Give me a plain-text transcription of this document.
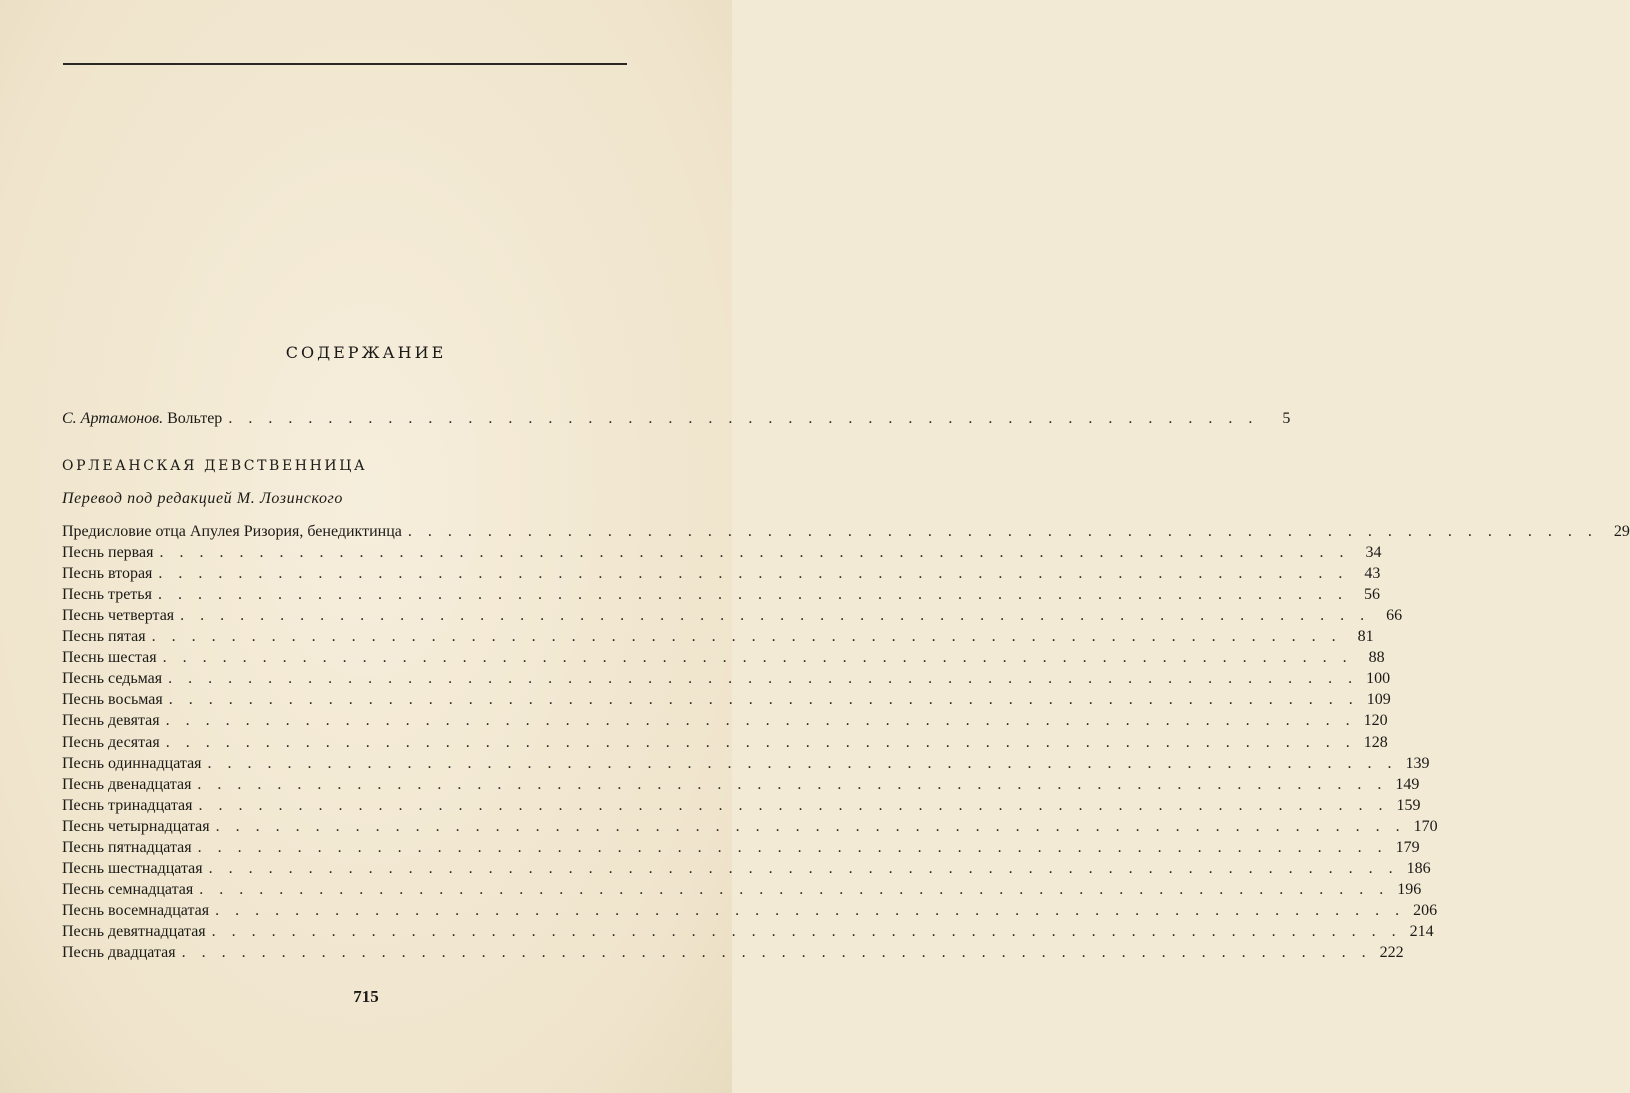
СОДЕРЖАНИЕ
С. Артамонов. Вольтер . . . . . . . . . . . . . . . . . . . . . . . . . . . . . . . . . . . . . . . . . . . . . . . . . . . .	5
ОРЛЕАНСКАЯ ДЕВСТВЕННИЦА
Перевод под редакцией М. Лозинского
Предисловие отца Апулея Ризория, бенедиктинца . . . . . . . . . . . . . . . . . . . . . . . . . . . . . . . . . . . . . . . . . . . . . . . . . . . . . . . . . . . .	29
Песнь первая . . . . . . . . . . . . . . . . . . . . . . . . . . . . . . . . . . . . . . . . . . . . . . . . . . . . . . . . . . . .	34
Песнь вторая . . . . . . . . . . . . . . . . . . . . . . . . . . . . . . . . . . . . . . . . . . . . . . . . . . . . . . . . . . . .	43
Песнь третья . . . . . . . . . . . . . . . . . . . . . . . . . . . . . . . . . . . . . . . . . . . . . . . . . . . . . . . . . . . .	56
Песнь четвертая . . . . . . . . . . . . . . . . . . . . . . . . . . . . . . . . . . . . . . . . . . . . . . . . . . . . . . . . . . . .	66
Песнь пятая . . . . . . . . . . . . . . . . . . . . . . . . . . . . . . . . . . . . . . . . . . . . . . . . . . . . . . . . . . . .	81
Песнь шестая . . . . . . . . . . . . . . . . . . . . . . . . . . . . . . . . . . . . . . . . . . . . . . . . . . . . . . . . . . . .	88
Песнь седьмая . . . . . . . . . . . . . . . . . . . . . . . . . . . . . . . . . . . . . . . . . . . . . . . . . . . . . . . . . . . . 100
Песнь восьмая . . . . . . . . . . . . . . . . . . . . . . . . . . . . . . . . . . . . . . . . . . . . . . . . . . . . . . . . . . . . 109
Песнь девятая . . . . . . . . . . . . . . . . . . . . . . . . . . . . . . . . . . . . . . . . . . . . . . . . . . . . . . . . . . . . 120
Песнь десятая . . . . . . . . . . . . . . . . . . . . . . . . . . . . . . . . . . . . . . . . . . . . . . . . . . . . . . . . . . . . 128
Песнь одиннадцатая . . . . . . . . . . . . . . . . . . . . . . . . . . . . . . . . . . . . . . . . . . . . . . . . . . . . . . . . . . . . 139
Песнь двенадцатая . . . . . . . . . . . . . . . . . . . . . . . . . . . . . . . . . . . . . . . . . . . . . . . . . . . . . . . . . . . . 149
Песнь тринадцатая . . . . . . . . . . . . . . . . . . . . . . . . . . . . . . . . . . . . . . . . . . . . . . . . . . . . . . . . . . . . 159
Песнь четырнадцатая . . . . . . . . . . . . . . . . . . . . . . . . . . . . . . . . . . . . . . . . . . . . . . . . . . . . . . . . . . . . 170
Песнь пятнадцатая . . . . . . . . . . . . . . . . . . . . . . . . . . . . . . . . . . . . . . . . . . . . . . . . . . . . . . . . . . . . 179
Песнь шестнадцатая . . . . . . . . . . . . . . . . . . . . . . . . . . . . . . . . . . . . . . . . . . . . . . . . . . . . . . . . . . . . 186
Песнь семнадцатая . . . . . . . . . . . . . . . . . . . . . . . . . . . . . . . . . . . . . . . . . . . . . . . . . . . . . . . . . . . . 196
Песнь восемнадцатая . . . . . . . . . . . . . . . . . . . . . . . . . . . . . . . . . . . . . . . . . . . . . . . . . . . . . . . . . . . . 206
Песнь девятнадцатая . . . . . . . . . . . . . . . . . . . . . . . . . . . . . . . . . . . . . . . . . . . . . . . . . . . . . . . . . . . . 214
Песнь двадцатая . . . . . . . . . . . . . . . . . . . . . . . . . . . . . . . . . . . . . . . . . . . . . . . . . . . . . . . . . . . . 222
715
